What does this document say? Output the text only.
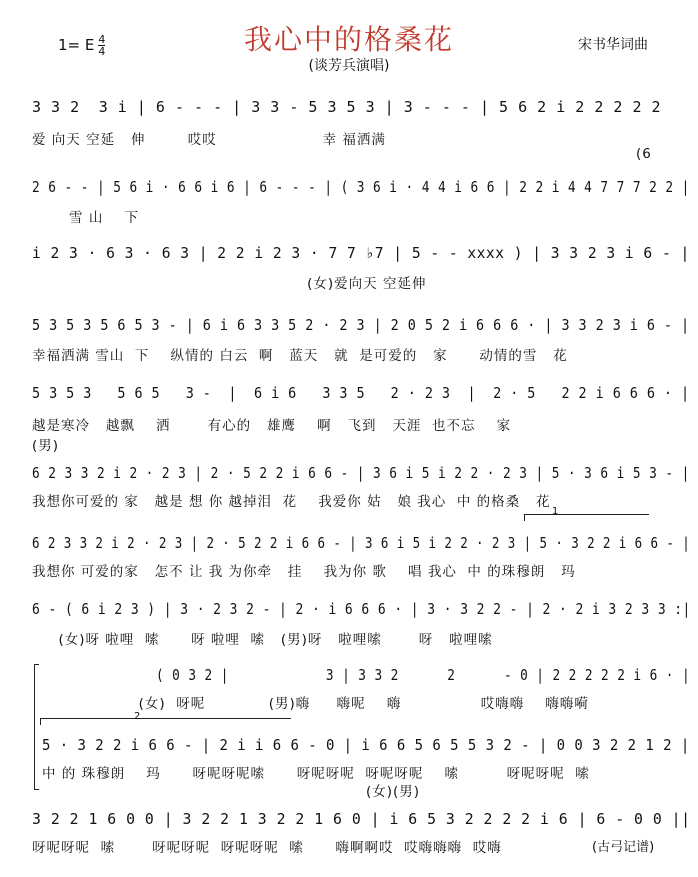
我心中的格桑花
(谈芳兵演唱)
1= E $\frac{4}{4}$	宋书华词曲
3 3 2  3 i | 6 - - - | 3 3 - 5 3 5 3 | 3 - - - | 5 6 2 i 2 2 2 2 2
爱 向天 空延   伸        哎哎                    幸 福洒满
(6
2 6 - - | 5 6 i · 6 6 i 6 | 6 - - - | ( 3 6 i · 4 4 i 6 6 | 2 2 i 4 4 7 7 7 2 2 |
雪 山    下
i 2 3 · 6 3 · 6 3 | 2 2 i 2 3 · 7 7 ♭7 | 5 - - xxxx ) | 3 3 2 3 i 6 - |
(女)爱向天 空延伸
5 3 5 3 5 6 5 3 - | 6 i 6 3 3 5 2 · 2 3 | 2 0 5 2 i 6 6 6 · | 3 3 2 3 i 6 - |
幸福洒满 雪山  下    纵情的 白云  啊   蓝天   就  是可爱的   家      动情的雪   花
5 3 5 3   5 6 5   3 -  |  6 i 6   3 3 5   2 · 2 3  |  2 · 5   2 2 i 6 6 6 · |
越是寒冷   越飘    洒       有心的   雄鹰    啊   飞到   天涯  也不忘    家
(男)
6 2 3 3 2 i 2 · 2 3 | 2 · 5 2 2 i 6 6 - | 3 6 i 5 i 2 2 · 2 3 | 5 · 3 6 i 5 3 - |
我想你可爱的 家   越是 想 你 越掉泪  花    我爱你 姑   娘 我心  中 的格桑   花
1
6 2 3 3 2 i 2 · 2 3 | 2 · 5 2 2 i 6 6 - | 3 6 i 5 i 2 2 · 2 3 | 5 · 3 2 2 i 6 6 - |
我想你 可爱的家   怎不 让 我 为你牵   挂    我为你 歌    唱 我心  中 的珠穆朗   玛
6 - ( 6 i 2 3 ) | 3 · 2 3 2 - | 2 · i 6 6 6 · | 3 · 3 2 2 - | 2 · 2 i 3 2 3 3 :|
(女)呀 啦哩  嗦      呀 啦哩  嗦   (男)呀   啦哩嗦       呀   啦哩嗦
( 0 3 2 |            3 | 3 3 2      2      - 0 | 2 2 2 2 2 i 6 · |
(女)  呀呢            (男)嗨     嗨呢    嗨               哎嗨嗨    嗨嗨嗬
2
5 · 3 2 2 i 6 6 - | 2 i i 6 6 - 0 | i 6 6 5 6 5 5 3 2 - | 0 0 3 2 2 1 2 |
中 的 珠穆朗    玛      呀呢呀呢嗦      呀呢呀呢  呀呢呀呢    嗦         呀呢呀呢  嗦
(女)(男)
3 2 2 1 6 0 0 | 3 2 2 1 3 2 2 1 6 0 | i 6 5 3 2 2 2 2 i 6 | 6 - 0 0 ||
呀呢呀呢  嗦       呀呢呀呢  呀呢呀呢  嗦      嗨啊啊哎  哎嗨嗨嗨  哎嗨	(古弓记谱)
